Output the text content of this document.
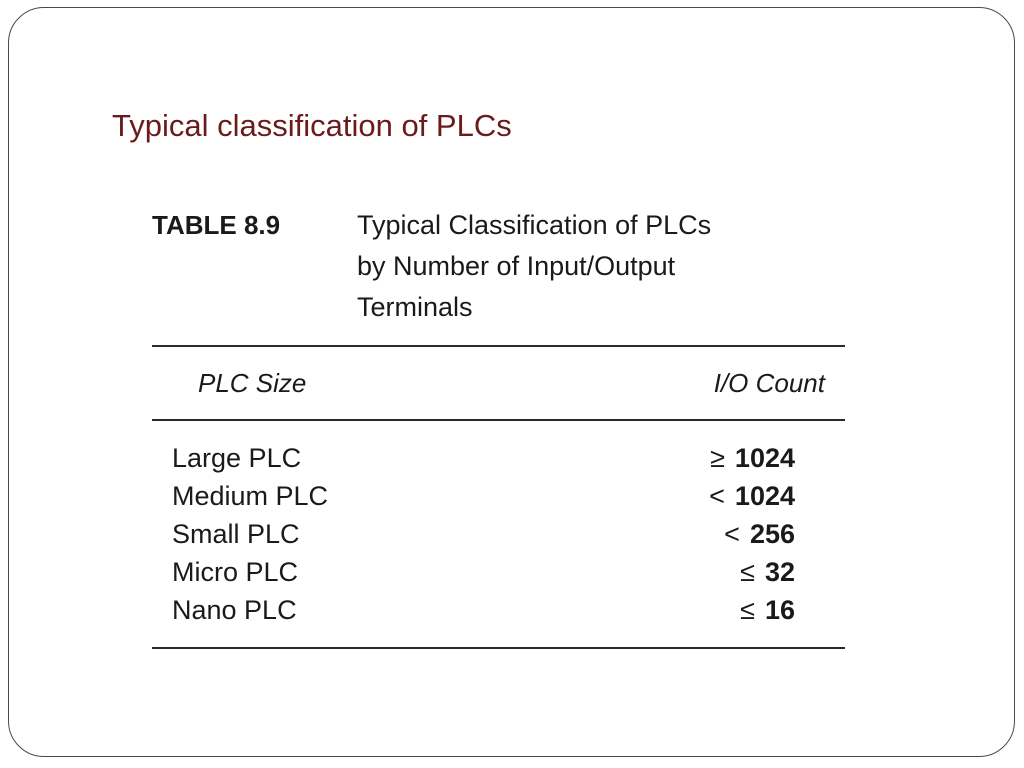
Typical classification of PLCs
TABLE 8.9	Typical Classification of PLCs
by Number of Input/Output
Terminals
PLC Size	I/O Count
Large PLC	≥ 1024
Medium PLC	< 1024
Small PLC	< 256
Micro PLC	≤ 32
Nano PLC	≤ 16
